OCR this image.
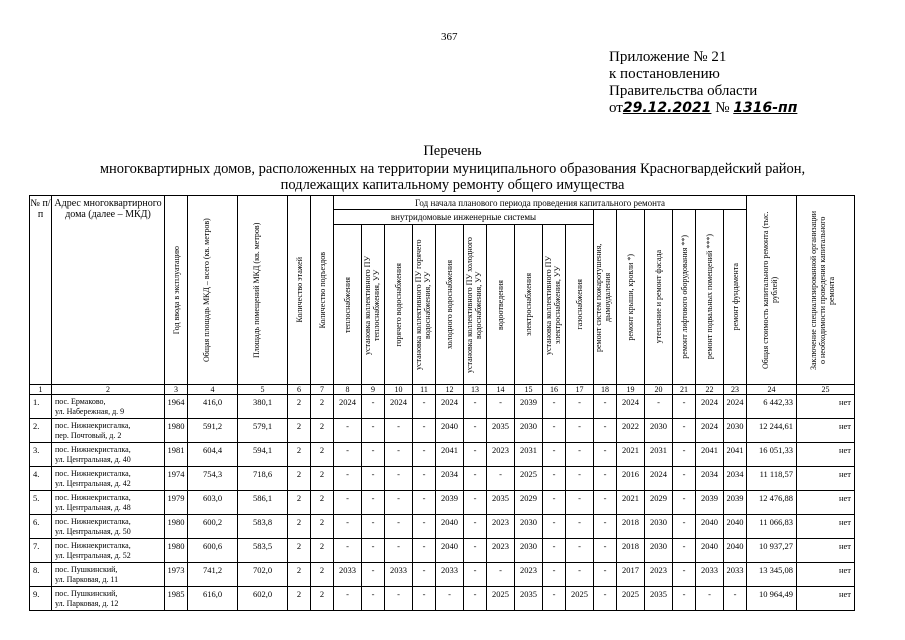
367
Приложение № 21
к постановлению
Правительства области
от29.12.2021 № 1316-пп
Перечень
многоквартирных домов, расположенных на территории муниципального образования Красногвардейский район,
подлежащих капитальному ремонту общего имущества
№ п/п	Адрес многоквартирного дома (далее – МКД)	Год ввода в эксплуатацию	Общая площадь МКД – всего (кв. метров)	Площадь помещений МКД (кв. метров)	Количество этажей	Количество подъездов	Год начала планового периода проведения капитального ремонта																Общая стоимость капитального ремонта (тыс. рублей)	Заключение специализированной организации о необходимости проведения капитального ремонта

							внутридомовые инженерные системы										ремонт систем пожаротушения, дымоудаления	ремонт крыши, кровли *)	утепление и ремонт фасада	ремонт лифтового оборудования **)	ремонт подвальных помещений ***)	ремонт фундамента		

							теплоснабжения	установка коллективного ПУ теплоснабжения, УУ	горячего водоснабжения	установка коллективного ПУ горячего водоснабжения, УУ	холодного водоснабжения	установка коллективного ПУ холодного водоснабжения, УУ	водоотведения	электроснабжения	установка коллективного ПУ электроснабжения, УУ	газоснабжения								

1	2	3	4	5	6	7	8	9	10	11	12	13	14	15	16	17	18	19	20	21	22	23	24	25
1.	пос. Ермаково,
ул. Набережная, д. 9	1964	416,0	380,1	2	2	2024	-	2024	-	2024	-	-	2039	-	-	-	2024	-	-	2024	2024	6 442,33	нет
2.	пос. Нижнекрисгалка,
пер. Почтовый, д. 2	1980	591,2	579,1	2	2	-	-	-	-	2040	-	2035	2030	-	-	-	2022	2030	-	2024	2030	12 244,61	нет
3.	пос. Нижнекристалка,
ул. Центральная, д. 40	1981	604,4	594,1	2	2	-	-	-	-	2041	-	2023	2031	-	-	-	2021	2031	-	2041	2041	16 051,33	нет
4.	пос. Нижнекристалка,
ул. Центральная, д. 42	1974	754,3	718,6	2	2	-	-	-	-	2034	-	-	2025	-	-	-	2016	2024	-	2034	2034	11 118,57	нет
5.	пос. Нижнекристалка,
ул. Центральная, д. 48	1979	603,0	586,1	2	2	-	-	-	-	2039	-	2035	2029	-	-	-	2021	2029	-	2039	2039	12 476,88	нет
6.	пос. Нижнекристалка,
ул. Центральная, д. 50	1980	600,2	583,8	2	2	-	-	-	-	2040	-	2023	2030	-	-	-	2018	2030	-	2040	2040	11 066,83	нет
7.	пос. Нижнекристалка,
ул. Центральная, д. 52	1980	600,6	583,5	2	2	-	-	-	-	2040	-	2023	2030	-	-	-	2018	2030	-	2040	2040	10 937,27	нет
8.	пос. Пушкинский,
ул. Парковая, д. 11	1973	741,2	702,0	2	2	2033	-	2033	-	2033	-	-	2023	-	-	-	2017	2023	-	2033	2033	13 345,08	нет
9.	пос. Пушкинский,
ул. Парковая, д. 12	1985	616,0	602,0	2	2	-	-	-	-	-	-	2025	2035	-	2025	-	2025	2035	-	-	-	10 964,49	нет
